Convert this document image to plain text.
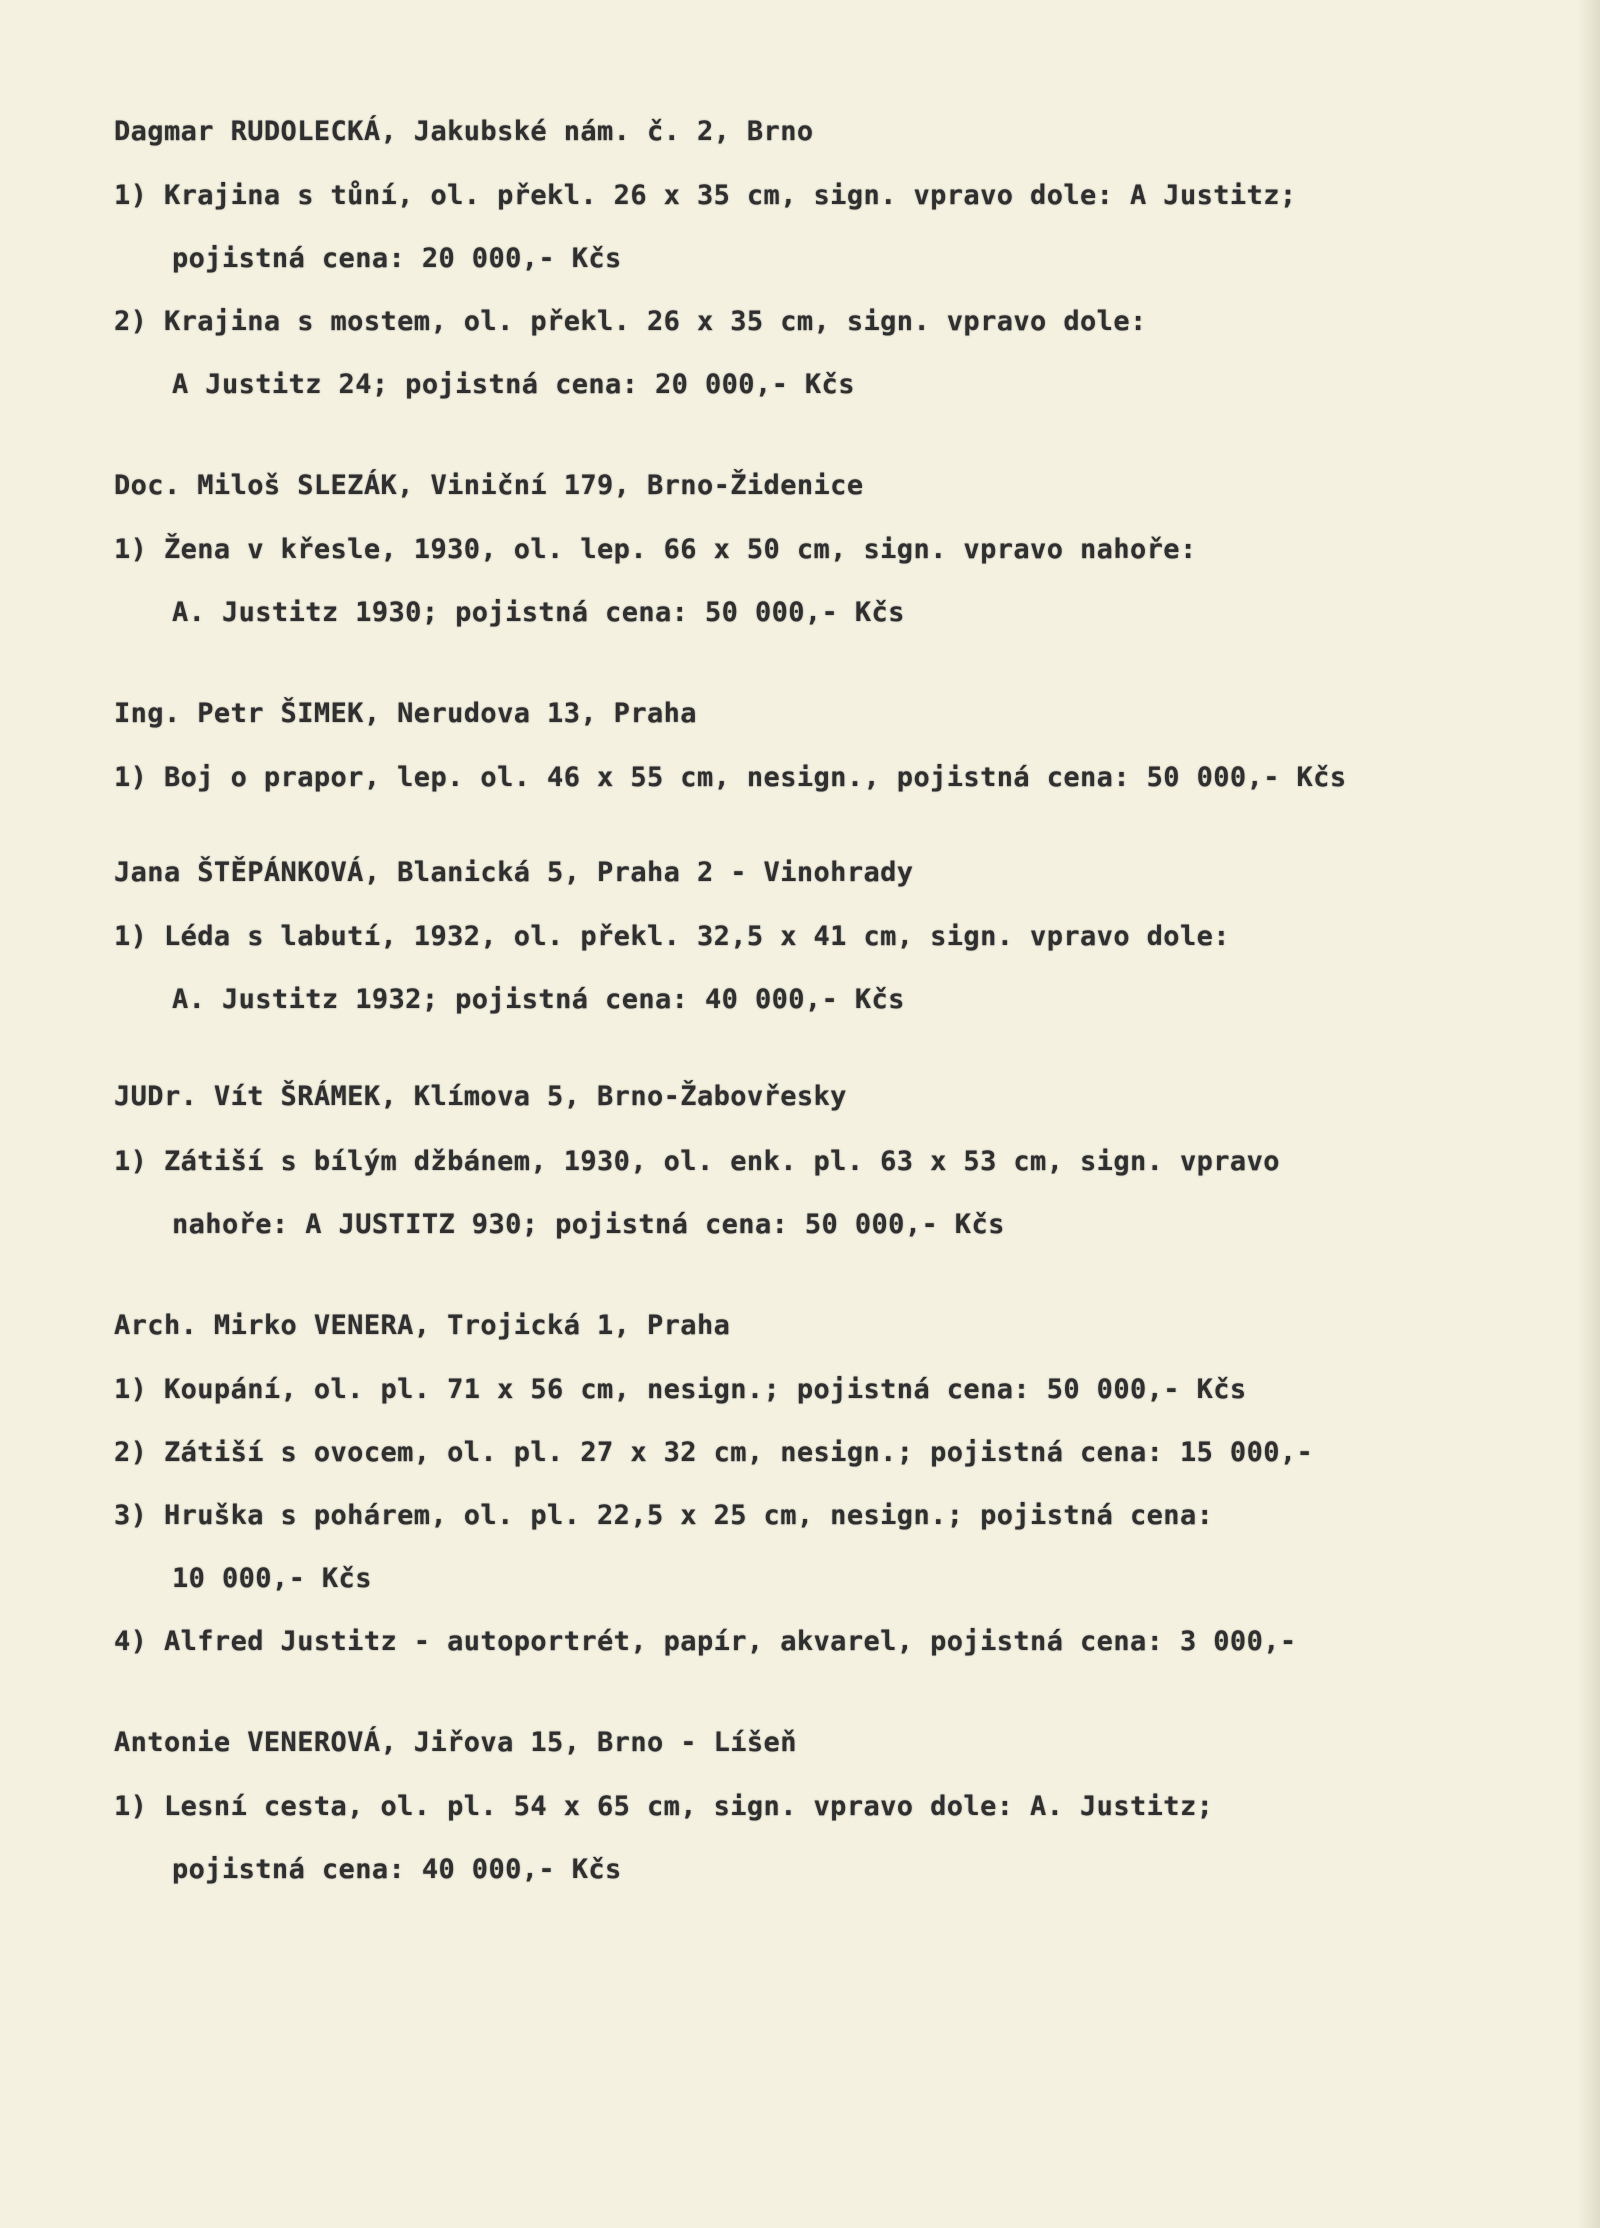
Dagmar RUDOLECKÁ, Jakubské nám. č. 2, Brno

1) Krajina s tůní, ol. překl. 26 x 35 cm, sign. vpravo dole: A Justitz;

pojistná cena: 20 000,- Kčs

2) Krajina s mostem, ol. překl. 26 x 35 cm, sign. vpravo dole:

A Justitz 24; pojistná cena: 20 000,- Kčs

Doc. Miloš SLEZÁK, Viniční 179, Brno-Židenice

1) Žena v křesle, 1930, ol. lep. 66 x 50 cm, sign. vpravo nahoře:

A. Justitz 1930; pojistná cena: 50 000,- Kčs

Ing. Petr ŠIMEK, Nerudova 13, Praha

1) Boj o prapor, lep. ol. 46 x 55 cm, nesign., pojistná cena: 50 000,- Kčs

Jana ŠTĚPÁNKOVÁ, Blanická 5, Praha 2 - Vinohrady

1) Léda s labutí, 1932, ol. překl. 32,5 x 41 cm, sign. vpravo dole:

A. Justitz 1932; pojistná cena: 40 000,- Kčs

JUDr. Vít ŠRÁMEK, Klímova 5, Brno-Žabovřesky

1) Zátiší s bílým džbánem, 1930, ol. enk. pl. 63 x 53 cm, sign. vpravo

nahoře: A JUSTITZ 930; pojistná cena: 50 000,- Kčs

Arch. Mirko VENERA, Trojická 1, Praha

1) Koupání, ol. pl. 71 x 56 cm, nesign.; pojistná cena: 50 000,- Kčs

2) Zátiší s ovocem, ol. pl. 27 x 32 cm, nesign.; pojistná cena: 15 000,-

3) Hruška s pohárem, ol. pl. 22,5 x 25 cm, nesign.; pojistná cena:

10 000,- Kčs

4) Alfred Justitz - autoportrét, papír, akvarel, pojistná cena: 3 000,-

Antonie VENEROVÁ, Jiřova 15, Brno - Líšeň

1) Lesní cesta, ol. pl. 54 x 65 cm, sign. vpravo dole: A. Justitz;

pojistná cena: 40 000,- Kčs
